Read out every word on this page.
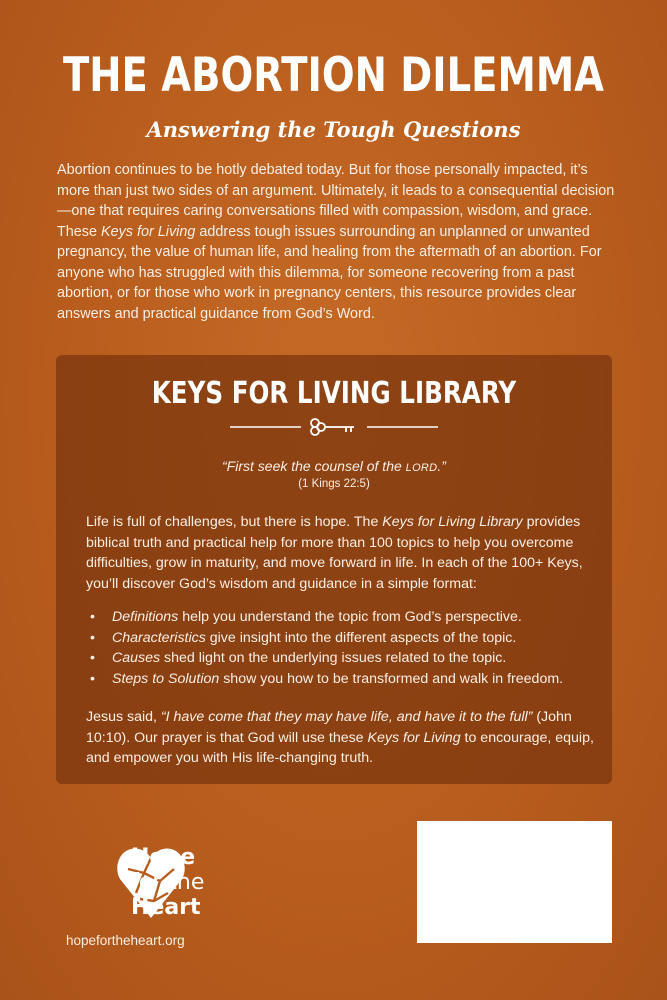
THE ABORTION DILEMMA
Answering the Tough Questions

Abortion continues to be hotly debated today. But for those personally impacted, it’s more than just two sides of an argument. Ultimately, it leads to a consequential decision—one that requires caring conversations filled with compassion, wisdom, and grace. These Keys for Living address tough issues surrounding an unplanned or unwanted pregnancy, the value of human life, and healing from the aftermath of an abortion. For anyone who has struggled with this dilemma, for someone recovering from a past abortion, or for those who work in pregnancy centers, this resource provides clear answers and practical guidance from God’s Word.

KEYS FOR LIVING LIBRARY
“First seek the counsel of the LORD.”
(1 Kings 22:5)

Life is full of challenges, but there is hope. The Keys for Living Library provides biblical truth and practical help for more than 100 topics to help you overcome difficulties, grow in maturity, and move forward in life. In each of the 100+ Keys, you’ll discover God’s wisdom and guidance in a simple format:

• Definitions help you understand the topic from God’s perspective.
• Characteristics give insight into the different aspects of the topic.
• Causes shed light on the underlying issues related to the topic.
• Steps to Solution show you how to be transformed and walk in freedom.

Jesus said, “I have come that they may have life, and have it to the full” (John 10:10). Our prayer is that God will use these Keys for Living to encourage, equip, and empower you with His life-changing truth.

Hope
for the
Heart
hopefortheheart.org
